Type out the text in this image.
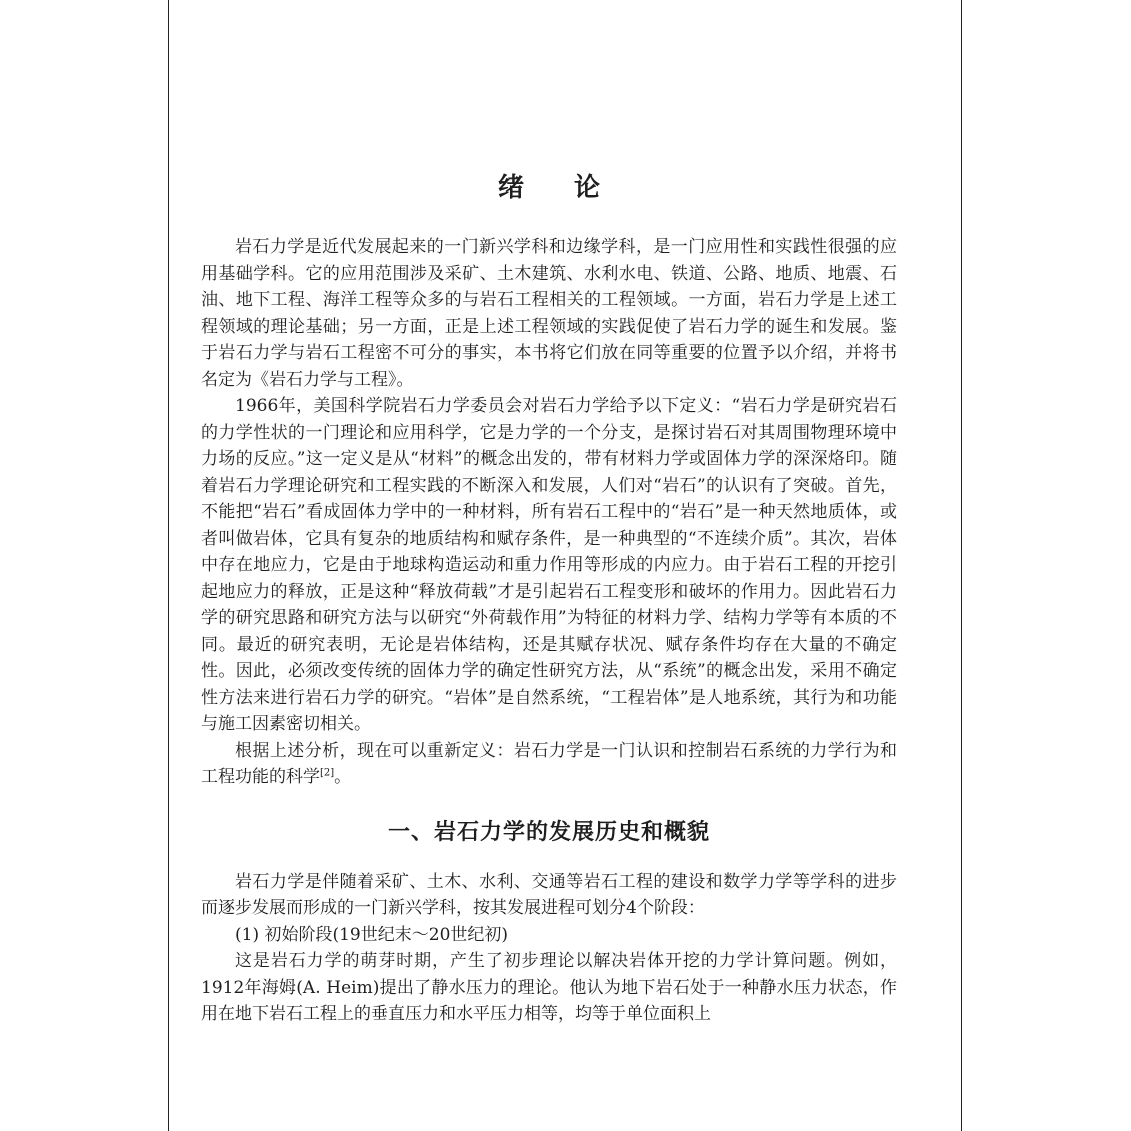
绪论

岩石力学是近代发展起来的一门新兴学科和边缘学科，是一门应用性和实践性很强的应用基础学科。它的应用范围涉及采矿、土木建筑、水利水电、铁道、公路、地质、地震、石油、地下工程、海洋工程等众多的与岩石工程相关的工程领域。一方面，岩石力学是上述工程领域的理论基础；另一方面，正是上述工程领域的实践促使了岩石力学的诞生和发展。鉴于岩石力学与岩石工程密不可分的事实，本书将它们放在同等重要的位置予以介绍，并将书名定为《岩石力学与工程》。

1966年，美国科学院岩石力学委员会对岩石力学给予以下定义：“岩石力学是研究岩石的力学性状的一门理论和应用科学，它是力学的一个分支，是探讨岩石对其周围物理环境中力场的反应。”这一定义是从“材料”的概念出发的，带有材料力学或固体力学的深深烙印。随着岩石力学理论研究和工程实践的不断深入和发展，人们对“岩石”的认识有了突破。首先，不能把“岩石”看成固体力学中的一种材料，所有岩石工程中的“岩石”是一种天然地质体，或者叫做岩体，它具有复杂的地质结构和赋存条件，是一种典型的“不连续介质”。其次，岩体中存在地应力，它是由于地球构造运动和重力作用等形成的内应力。由于岩石工程的开挖引起地应力的释放，正是这种“释放荷载”才是引起岩石工程变形和破坏的作用力。因此岩石力学的研究思路和研究方法与以研究“外荷载作用”为特征的材料力学、结构力学等有本质的不同。最近的研究表明，无论是岩体结构，还是其赋存状况、赋存条件均存在大量的不确定性。因此，必须改变传统的固体力学的确定性研究方法，从“系统”的概念出发，采用不确定性方法来进行岩石力学的研究。“岩体”是自然系统，“工程岩体”是人地系统，其行为和功能与施工因素密切相关。

根据上述分析，现在可以重新定义：岩石力学是一门认识和控制岩石系统的力学行为和工程功能的科学[2]。

一、岩石力学的发展历史和概貌

岩石力学是伴随着采矿、土木、水利、交通等岩石工程的建设和数学力学等学科的进步而逐步发展而形成的一门新兴学科，按其发展进程可划分4个阶段：

(1) 初始阶段(19世纪末～20世纪初)

这是岩石力学的萌芽时期，产生了初步理论以解决岩体开挖的力学计算问题。例如，1912年海姆(A. Heim)提出了静水压力的理论。他认为地下岩石处于一种静水压力状态，作用在地下岩石工程上的垂直压力和水平压力相等，均等于单位面积上
